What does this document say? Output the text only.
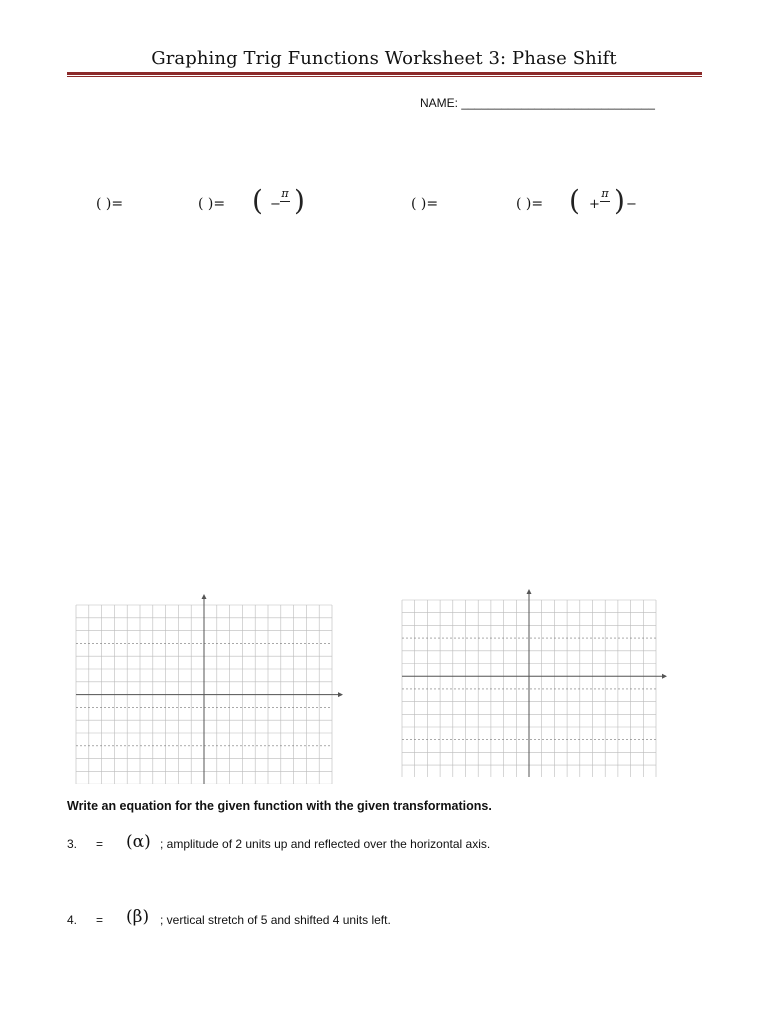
Graphing Trig Functions Worksheet 3: Phase Shift
NAME: _____________________________
( )=	( )= ( −
π )	( )=	( )= ( +
π ) −
Write an equation for the given function with the given transformations.
3. = (α) ; amplitude of 2 units up and reflected over the horizontal axis.
4. = (β) ; vertical stretch of 5 and shifted 4 units left.
